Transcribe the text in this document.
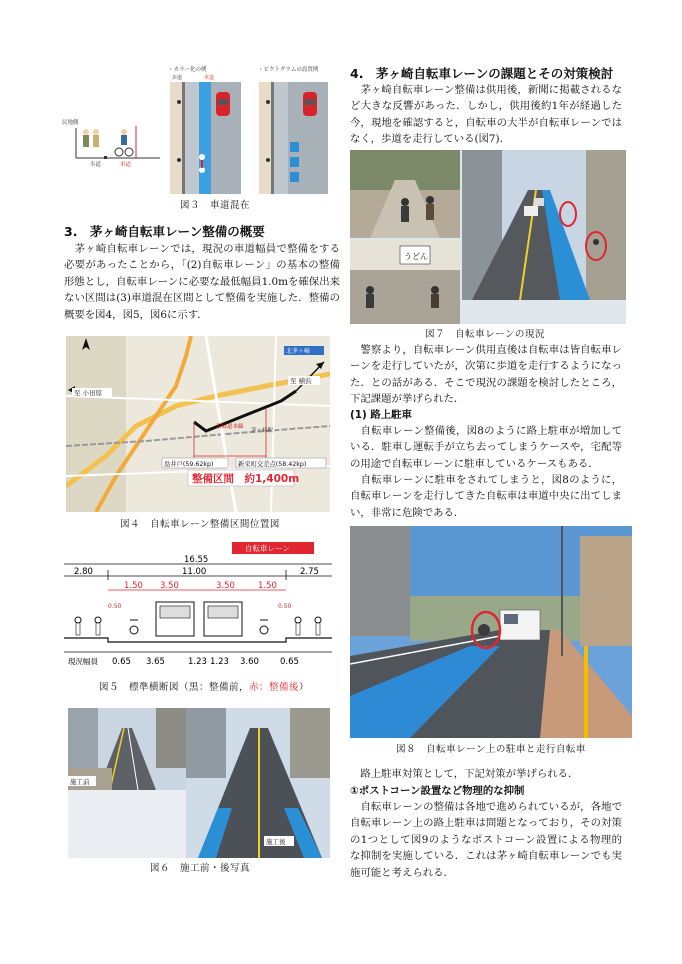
・カラー化の例	・ピクトグラムの設置例
歩道	車道
民地側
歩道	車道
図３　車道混在
3.　茅ヶ崎自転車レーン整備の概要
　茅ヶ崎自転車レーンでは，現況の車道幅員で整備をする必要があったことから，「(2)自転車レーン」の基本の整備形態とし，自転車レーンに必要な最低幅員1.0mを確保出来ない区間は(3)車道混在区間として整備を実施した．整備の概要を図4，図5，図6に示す．
至 小田原
至 横浜
北茅ヶ崎
東海道本線
茅ヶ崎駅
島井戸(59.62kp)	新栄町交差点(58.42kp)
整備区間　約1,400m
図４　自転車レーン整備区間位置図
自転車レーン
16.55
2.80	11.00	2.75
1.50 3.50	3.50	1.50
0.50	0.50
現況幅員 0.65 3.65	1.23 1.23 3.60 0.65
図５　標準横断図（黒：整備前，赤：整備後）
施工前
施工後
図６　施工前・後写真
4.　茅ヶ崎自転車レーンの課題とその対策検討
　茅ヶ崎自転車レーン整備は供用後，新聞に掲載されるなど大きな反響があった．しかし，供用後約1年が経過した今，現地を確認すると，自転車の大半が自転車レーンではなく，歩道を走行している(図7)．
うどん
図７　自転車レーンの現況
　警察より，自転車レーン供用直後は自転車は皆自転車レーンを走行していたが，次第に歩道を走行するようになった．との話がある．そこで現況の課題を検討したところ，下記課題が挙げられた．
(1) 路上駐車
　自転車レーン整備後，図8のように路上駐車が増加している．駐車し運転手が立ち去ってしまうケースや，宅配等の用途で自転車レーンに駐車しているケースもある．
　自転車レーンに駐車をされてしまうと，図8のように，自転車レーンを走行してきた自転車は車道中央に出てしまい，非常に危険である．
図８　自転車レーン上の駐車と走行自転車
　路上駐車対策として，下記対策が挙げられる．
①ポストコーン設置など物理的な抑制
　自転車レーンの整備は各地で進められているが，各地で自転車レーン上の路上駐車は問題となっており，その対策の1つとして図9のようなポストコーン設置による物理的な抑制を実施している．これは茅ヶ崎自転車レーンでも実施可能と考えられる．
